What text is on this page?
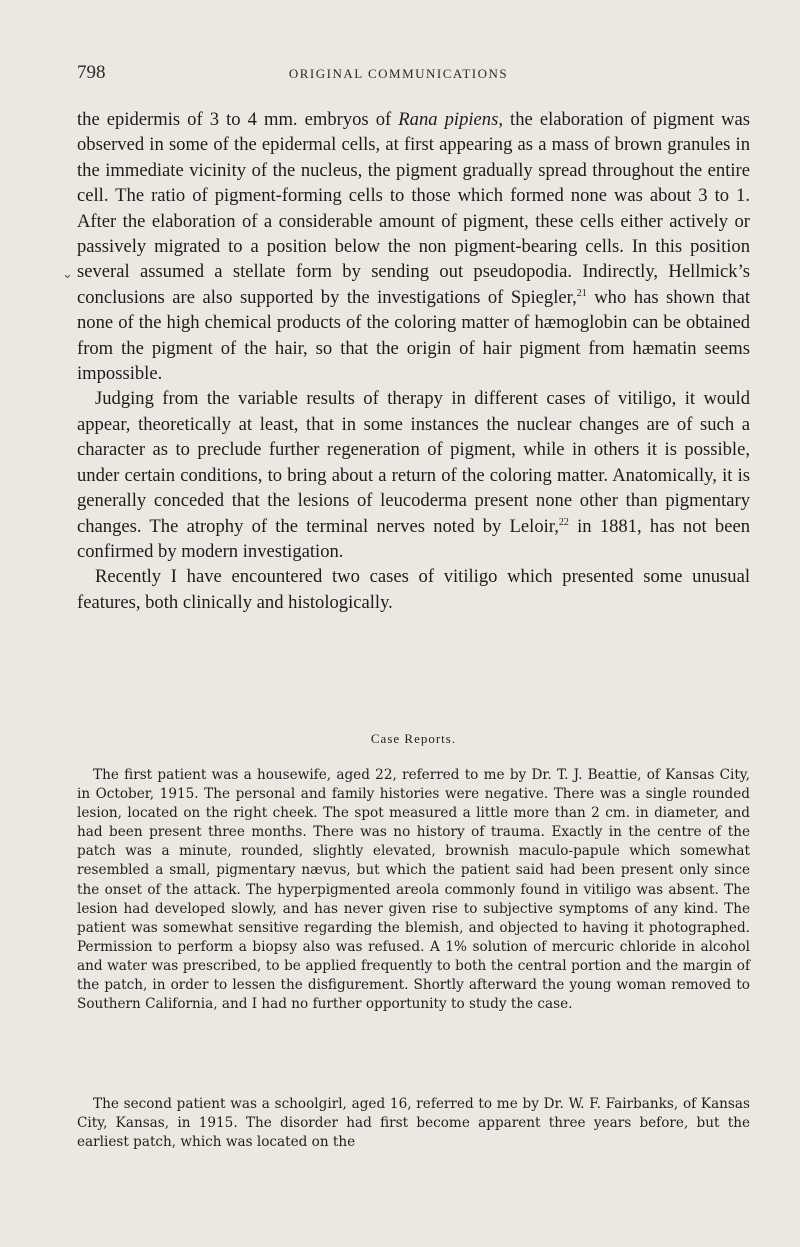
798	ORIGINAL COMMUNICATIONS

the epidermis of 3 to 4 mm. embryos of Rana pipiens, the elaboration of pigment was observed in some of the epidermal cells, at first appearing as a mass of brown granules in the immediate vicinity of the nucleus, the pigment gradually spread throughout the entire cell. The ratio of pigment-forming cells to those which formed none was about 3 to 1. After the elaboration of a considerable amount of pigment, these cells either actively or passively migrated to a position below the non pigment-bearing cells. In this position several assumed a stellate form by sending out pseudopodia. Indirectly, Hellmick’s conclusions are also supported by the investigations of Spiegler,$^{21}$ who has shown that none of the high chemical products of the coloring matter of hæmoglobin can be obtained from the pigment of the hair, so that the origin of hair pigment from hæmatin seems impossible.

Judging from the variable results of therapy in different cases of vitiligo, it would appear, theoretically at least, that in some instances the nuclear changes are of such a character as to preclude further regeneration of pigment, while in others it is possible, under certain conditions, to bring about a return of the coloring matter. Anatomically, it is generally conceded that the lesions of leucoderma present none other than pigmentary changes. The atrophy of the terminal nerves noted by Leloir,$^{22}$ in 1881, has not been confirmed by modern investigation.

Recently I have encountered two cases of vitiligo which presented some unusual features, both clinically and histologically.

Case Reports.

The first patient was a housewife, aged 22, referred to me by Dr. T. J. Beattie, of Kansas City, in October, 1915. The personal and family histories were negative. There was a single rounded lesion, located on the right cheek. The spot measured a little more than 2 cm. in diameter, and had been present three months. There was no history of trauma. Exactly in the centre of the patch was a minute, rounded, slightly elevated, brownish maculo-papule which somewhat resembled a small, pigmentary nævus, but which the patient said had been present only since the onset of the attack. The hyperpigmented areola commonly found in vitiligo was absent. The lesion had developed slowly, and has never given rise to subjective symptoms of any kind. The patient was somewhat sensitive regarding the blemish, and objected to having it photographed. Permission to perform a biopsy also was refused. A 1% solution of mercuric chloride in alcohol and water was prescribed, to be applied frequently to both the central portion and the margin of the patch, in order to lessen the disfigurement. Shortly afterward the young woman removed to Southern California, and I had no further opportunity to study the case.

The second patient was a schoolgirl, aged 16, referred to me by Dr. W. F. Fairbanks, of Kansas City, Kansas, in 1915. The disorder had first become apparent three years before, but the earliest patch, which was located on the

⌄
